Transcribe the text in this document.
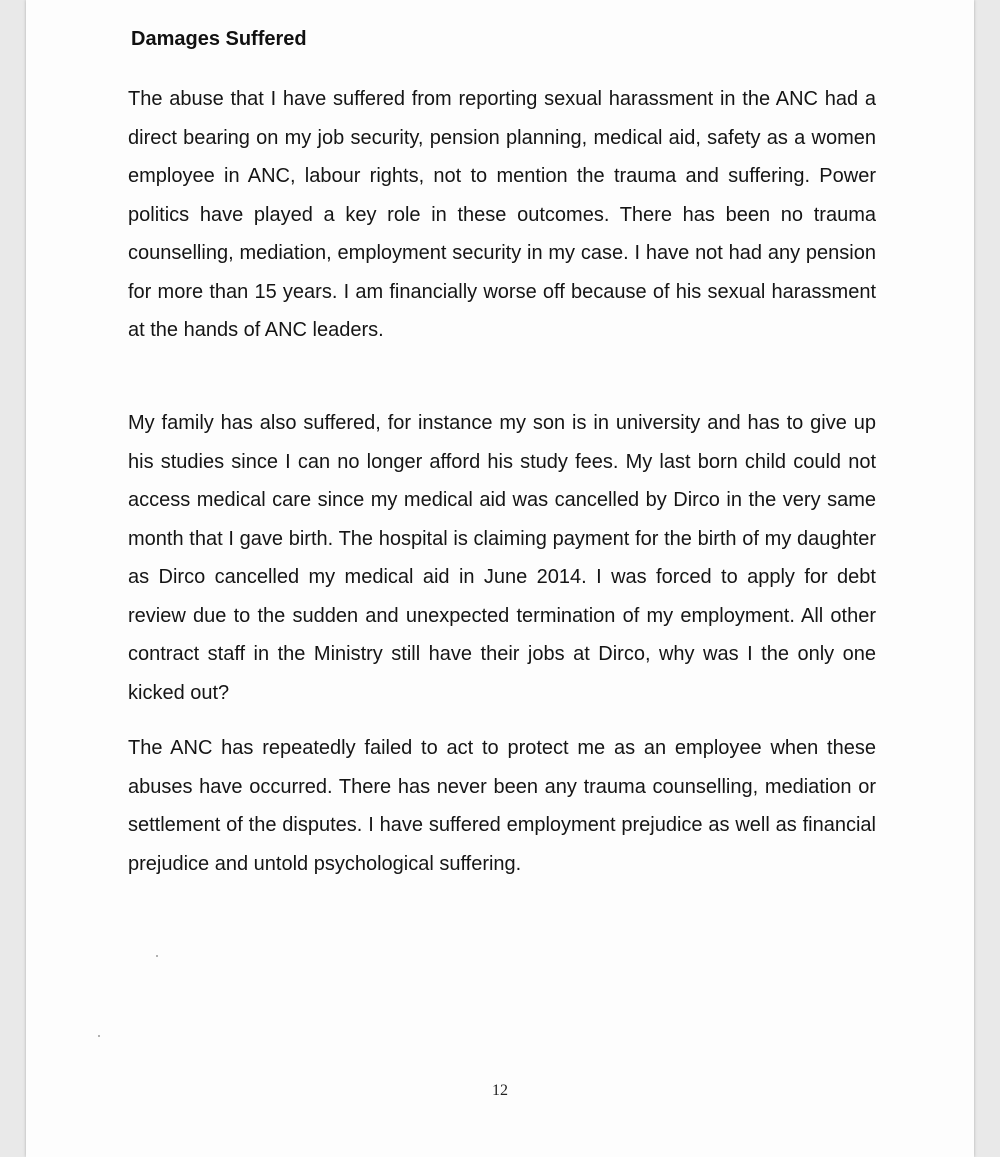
Damages Suffered

The abuse that I have suffered from reporting sexual harassment in the ANC had a direct bearing on my job security, pension planning, medical aid, safety as a women employee in ANC, labour rights, not to mention the trauma and suffering. Power politics have played a key role in these outcomes. There has been no trauma counselling, mediation, employment security in my case. I have not had any pension for more than 15 years. I am financially worse off because of his sexual harassment at the hands of ANC leaders.

My family has also suffered, for instance my son is in university and has to give up his studies since I can no longer afford his study fees. My last born child could not access medical care since my medical aid was cancelled by Dirco in the very same month that I gave birth. The hospital is claiming payment for the birth of my daughter as Dirco cancelled my medical aid in June 2014. I was forced to apply for debt review due to the sudden and unexpected termination of my employment. All other contract staff in the Ministry still have their jobs at Dirco, why was I the only one kicked out?

The ANC has repeatedly failed to act to protect me as an employee when these abuses have occurred. There has never been any trauma counselling, mediation or settlement of the disputes. I have suffered employment prejudice as well as financial prejudice and untold psychological suffering.

12
